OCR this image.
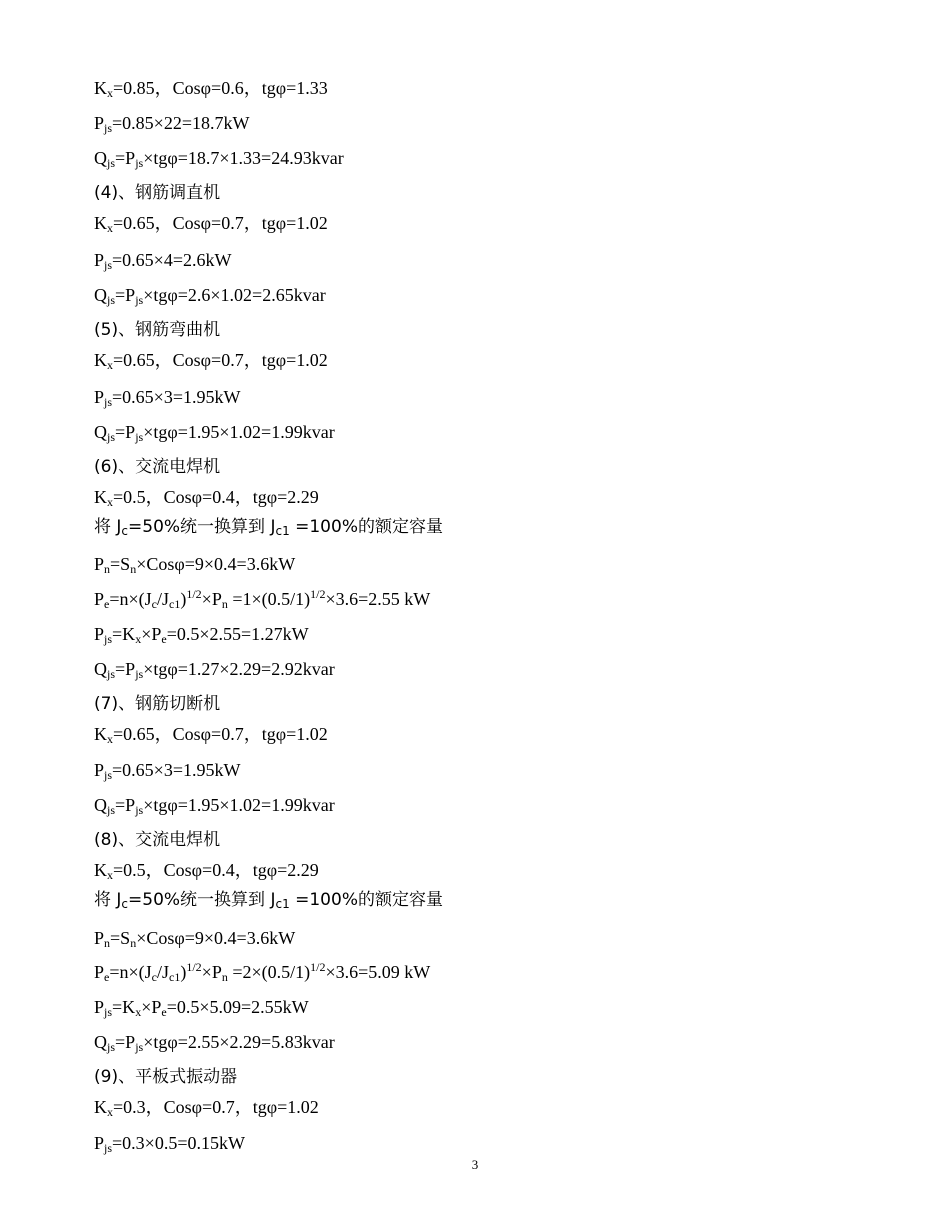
$K_x=0.85$，Cosφ=0.6，tgφ=1.33
$P_{js}=0.85\times 22=18.7kW$
$Q_{js}=P_{js}\times tg\varphi=18.7\times 1.33=24.93kvar$
(4)、钢筋调直机
$K_x=0.65$，Cosφ=0.7，tgφ=1.02
$P_{js}=0.65\times 4=2.6kW$
$Q_{js}=P_{js}\times tg\varphi=2.6\times 1.02=2.65kvar$
(5)、钢筋弯曲机
$K_x=0.65$，Cosφ=0.7，tgφ=1.02
$P_{js}=0.65\times 3=1.95kW$
$Q_{js}=P_{js}\times tg\varphi=1.95\times 1.02=1.99kvar$
(6)、交流电焊机
$K_x=0.5$，Cosφ=0.4，tgφ=2.29
将 $J_c=50\%$统一换算到 $J_{c1} =100\%$的额定容量
$P_n=S_n\times Cos\varphi=9\times 0.4=3.6kW$
$P_e=n\times(J_c/J_{c1})^{1/2}\times P_n =1\times(0.5/1)^{1/2}\times 3.6=2.55$ kW
$P_{js}=K_x\times P_e=0.5\times 2.55=1.27kW$
$Q_{js}=P_{js}\times tg\varphi=1.27\times 2.29=2.92kvar$
(7)、钢筋切断机
$K_x=0.65$，Cosφ=0.7，tgφ=1.02
$P_{js}=0.65\times 3=1.95kW$
$Q_{js}=P_{js}\times tg\varphi=1.95\times 1.02=1.99kvar$
(8)、交流电焊机
$K_x=0.5$，Cosφ=0.4，tgφ=2.29
将 $J_c=50\%$统一换算到 $J_{c1} =100\%$的额定容量
$P_n=S_n\times Cos\varphi=9\times 0.4=3.6kW$
$P_e=n\times(J_c/J_{c1})^{1/2}\times P_n =2\times(0.5/1)^{1/2}\times 3.6=5.09$ kW
$P_{js}=K_x\times P_e=0.5\times 5.09=2.55kW$
$Q_{js}=P_{js}\times tg\varphi=2.55\times 2.29=5.83kvar$
(9)、平板式振动器
$K_x=0.3$，Cosφ=0.7，tgφ=1.02
$P_{js}=0.3\times 0.5=0.15kW$
3
